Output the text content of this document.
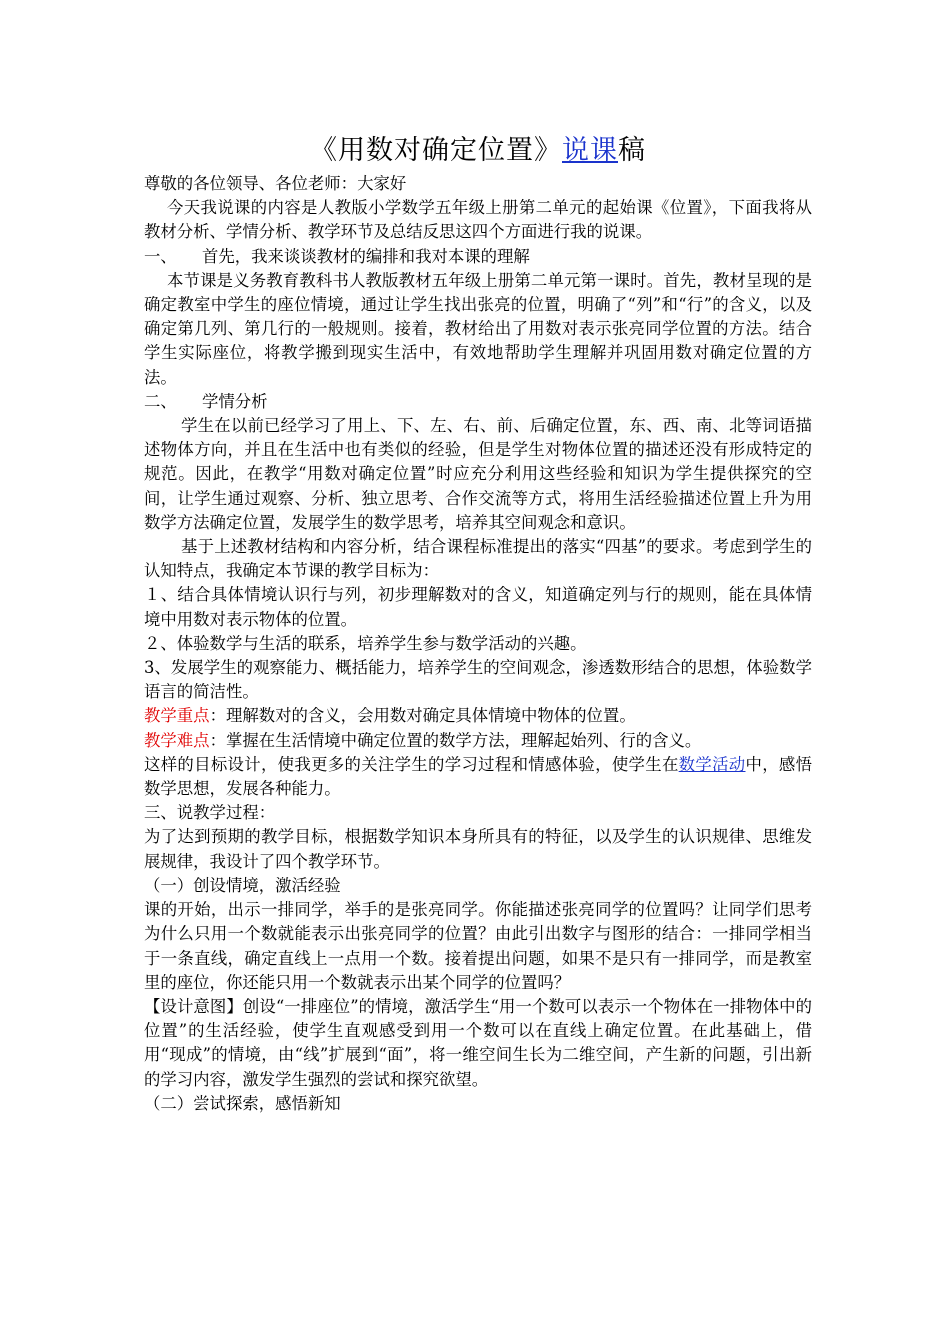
《用数对确定位置》说课稿

尊敬的各位领导、各位老师：大家好

今天我说课的内容是人教版小学数学五年级上册第二单元的起始课《位置》，下面我将从教材分析、学情分析、教学环节及总结反思这四个方面进行我的说课。

一、 首先，我来谈谈教材的编排和我对本课的理解

本节课是义务教育教科书人教版教材五年级上册第二单元第一课时。首先，教材呈现的是确定教室中学生的座位情境，通过让学生找出张亮的位置，明确了“列”和“行”的含义，以及确定第几列、第几行的一般规则。接着，教材给出了用数对表示张亮同学位置的方法。结合学生实际座位，将教学搬到现实生活中，有效地帮助学生理解并巩固用数对确定位置的方法。

二、 学情分析

学生在以前已经学习了用上、下、左、右、前、后确定位置，东、西、南、北等词语描述物体方向，并且在生活中也有类似的经验，但是学生对物体位置的描述还没有形成特定的规范。因此，在教学“用数对确定位置”时应充分利用这些经验和知识为学生提供探究的空间，让学生通过观察、分析、独立思考、合作交流等方式，将用生活经验描述位置上升为用数学方法确定位置，发展学生的数学思考，培养其空间观念和意识。

基于上述教材结构和内容分析，结合课程标准提出的落实“四基”的要求。考虑到学生的认知特点，我确定本节课的教学目标为：

１、结合具体情境认识行与列，初步理解数对的含义，知道确定列与行的规则，能在具体情境中用数对表示物体的位置。

２、体验数学与生活的联系，培养学生参与数学活动的兴趣。

3、发展学生的观察能力、概括能力，培养学生的空间观念，渗透数形结合的思想，体验数学语言的简洁性。

教学重点：理解数对的含义，会用数对确定具体情境中物体的位置。

教学难点：掌握在生活情境中确定位置的数学方法，理解起始列、行的含义。

这样的目标设计，使我更多的关注学生的学习过程和情感体验，使学生在数学活动中，感悟数学思想，发展各种能力。

三、说教学过程：

为了达到预期的教学目标，根据数学知识本身所具有的特征，以及学生的认识规律、思维发展规律，我设计了四个教学环节。

（一）创设情境，激活经验

课的开始，出示一排同学，举手的是张亮同学。你能描述张亮同学的位置吗？让同学们思考为什么只用一个数就能表示出张亮同学的位置？由此引出数字与图形的结合：一排同学相当于一条直线，确定直线上一点用一个数。接着提出问题，如果不是只有一排同学，而是教室里的座位，你还能只用一个数就表示出某个同学的位置吗？

【设计意图】创设“一排座位”的情境，激活学生“用一个数可以表示一个物体在一排物体中的位置”的生活经验，使学生直观感受到用一个数可以在直线上确定位置。在此基础上，借用“现成”的情境，由“线”扩展到“面”，将一维空间生长为二维空间，产生新的问题，引出新的学习内容，激发学生强烈的尝试和探究欲望。

（二）尝试探索，感悟新知
